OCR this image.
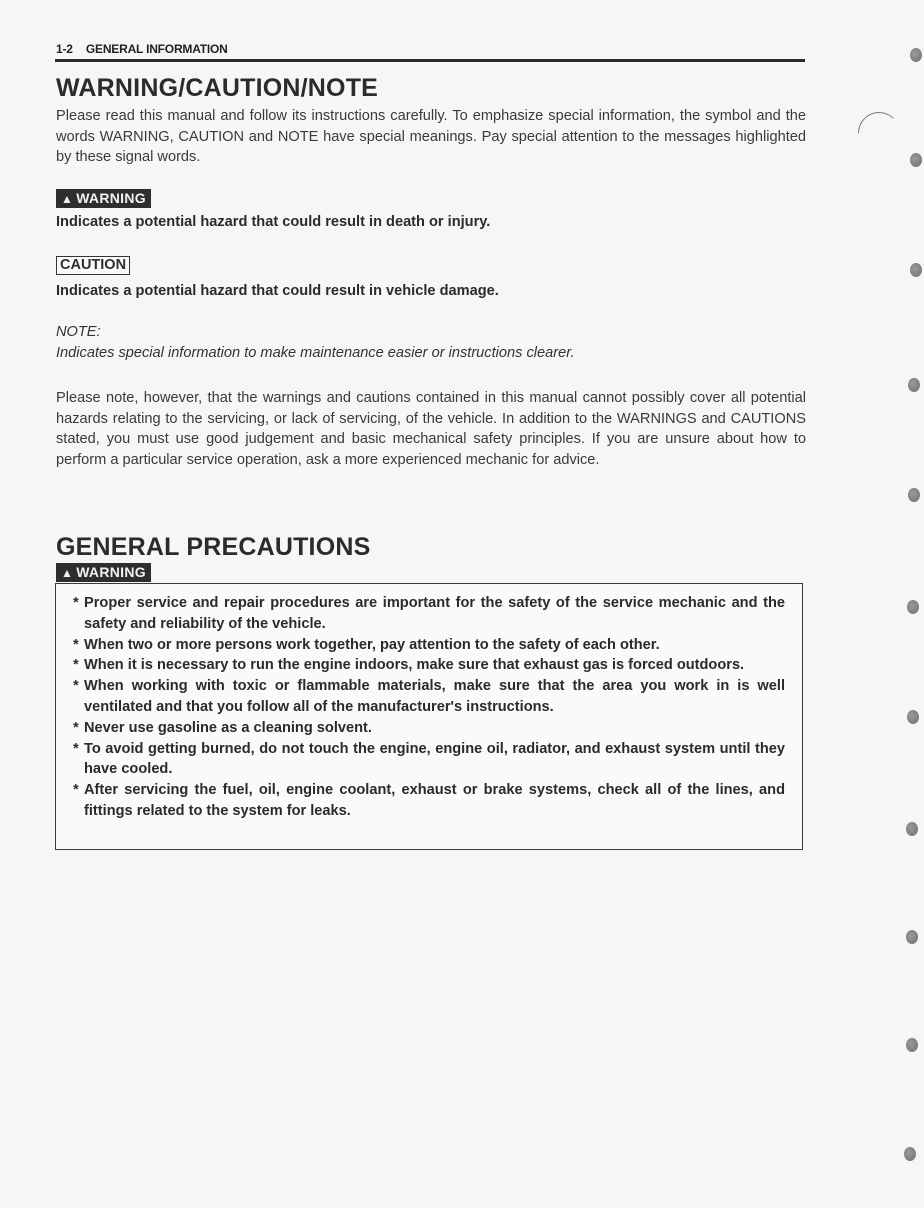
1-2 GENERAL INFORMATION
WARNING/CAUTION/NOTE

Please read this manual and follow its instructions carefully. To emphasize special information, the symbol and the words WARNING, CAUTION and NOTE have special meanings. Pay special attention to the messages highlighted by these signal words.

▲ WARNING

Indicates a potential hazard that could result in death or injury.

CAUTION

Indicates a potential hazard that could result in vehicle damage.

NOTE:
Indicates special information to make maintenance easier or instructions clearer.

Please note, however, that the warnings and cautions contained in this manual cannot possibly cover all potential hazards relating to the servicing, or lack of servicing, of the vehicle. In addition to the WARNINGS and CAUTIONS stated, you must use good judgement and basic mechanical safety principles. If you are unsure about how to perform a particular service operation, ask a more experienced mechanic for advice.

GENERAL PRECAUTIONS
▲ WARNING
* Proper service and repair procedures are important for the safety of the service mechanic and the safety and reliability of the vehicle.
* When two or more persons work together, pay attention to the safety of each other.
* When it is necessary to run the engine indoors, make sure that exhaust gas is forced outdoors.
* When working with toxic or flammable materials, make sure that the area you work in is well ventilated and that you follow all of the manufacturer's instructions.
* Never use gasoline as a cleaning solvent.
* To avoid getting burned, do not touch the engine, engine oil, radiator, and exhaust system until they have cooled.
* After servicing the fuel, oil, engine coolant, exhaust or brake systems, check all of the lines, and fittings related to the system for leaks.
